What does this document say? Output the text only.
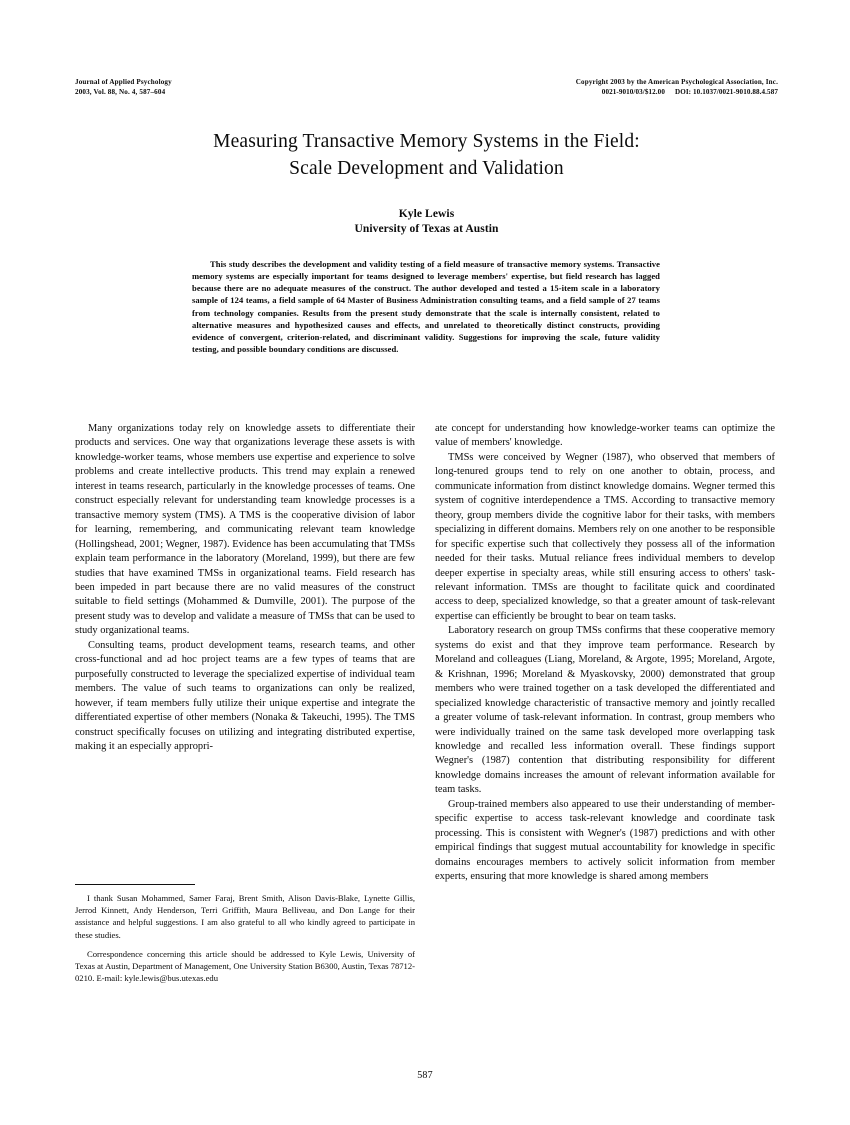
Journal of Applied Psychology
2003, Vol. 88, No. 4, 587–604
Copyright 2003 by the American Psychological Association, Inc.
0021-9010/03/$12.00 DOI: 10.1037/0021-9010.88.4.587
Measuring Transactive Memory Systems in the Field:
Scale Development and Validation
Kyle Lewis
University of Texas at Austin
This study describes the development and validity testing of a field measure of transactive memory systems. Transactive memory systems are especially important for teams designed to leverage members' expertise, but field research has lagged because there are no adequate measures of the construct. The author developed and tested a 15-item scale in a laboratory sample of 124 teams, a field sample of 64 Master of Business Administration consulting teams, and a field sample of 27 teams from technology companies. Results from the present study demonstrate that the scale is internally consistent, related to alternative measures and hypothesized causes and effects, and unrelated to theoretically distinct constructs, providing evidence of convergent, criterion-related, and discriminant validity. Suggestions for improving the scale, future validity testing, and possible boundary conditions are discussed.

Many organizations today rely on knowledge assets to differentiate their products and services. One way that organizations leverage these assets is with knowledge-worker teams, whose members use expertise and experience to solve problems and create intellective products. This trend may explain a renewed interest in teams research, particularly in the knowledge processes of teams. One construct especially relevant for understanding team knowledge processes is a transactive memory system (TMS). A TMS is the cooperative division of labor for learning, remembering, and communicating relevant team knowledge (Hollingshead, 2001; Wegner, 1987). Evidence has been accumulating that TMSs explain team performance in the laboratory (Moreland, 1999), but there are few studies that have examined TMSs in organizational teams. Field research has been impeded in part because there are no valid measures of the construct suitable to field settings (Mohammed & Dumville, 2001). The purpose of the present study was to develop and validate a measure of TMSs that can be used to study organizational teams.

Consulting teams, product development teams, research teams, and other cross-functional and ad hoc project teams are a few types of teams that are purposefully constructed to leverage the specialized expertise of individual team members. The value of such teams to organizations can only be realized, however, if team members fully utilize their unique expertise and integrate the differentiated expertise of other members (Nonaka & Takeuchi, 1995). The TMS construct specifically focuses on utilizing and integrating distributed expertise, making it an especially appropri-

ate concept for understanding how knowledge-worker teams can optimize the value of members' knowledge.

TMSs were conceived by Wegner (1987), who observed that members of long-tenured groups tend to rely on one another to obtain, process, and communicate information from distinct knowledge domains. Wegner termed this system of cognitive interdependence a TMS. According to transactive memory theory, group members divide the cognitive labor for their tasks, with members specializing in different domains. Members rely on one another to be responsible for specific expertise such that collectively they possess all of the information needed for their tasks. Mutual reliance frees individual members to develop deeper expertise in specialty areas, while still ensuring access to others' task-relevant information. TMSs are thought to facilitate quick and coordinated access to deep, specialized knowledge, so that a greater amount of task-relevant expertise can efficiently be brought to bear on team tasks.

Laboratory research on group TMSs confirms that these cooperative memory systems do exist and that they improve team performance. Research by Moreland and colleagues (Liang, Moreland, & Argote, 1995; Moreland, Argote, & Krishnan, 1996; Moreland & Myaskovsky, 2000) demonstrated that group members who were trained together on a task developed the differentiated and specialized knowledge characteristic of transactive memory and jointly recalled a greater volume of task-relevant information. In contrast, group members who were individually trained on the same task developed more overlapping task knowledge and recalled less information overall. These findings support Wegner's (1987) contention that distributing responsibility for different knowledge domains increases the amount of relevant information available for team tasks.

Group-trained members also appeared to use their understanding of member-specific expertise to access task-relevant knowledge and coordinate task processing. This is consistent with Wegner's (1987) predictions and with other empirical findings that suggest mutual accountability for knowledge in specific domains encourages members to actively solicit information from member experts, ensuring that more knowledge is shared among members

I thank Susan Mohammed, Samer Faraj, Brent Smith, Alison Davis-Blake, Lynette Gillis, Jerrod Kinnett, Andy Henderson, Terri Griffith, Maura Belliveau, and Don Lange for their assistance and helpful suggestions. I am also grateful to all who kindly agreed to participate in these studies.

Correspondence concerning this article should be addressed to Kyle Lewis, University of Texas at Austin, Department of Management, One University Station B6300, Austin, Texas 78712-0210. E-mail: kyle.lewis@bus.utexas.edu

587
